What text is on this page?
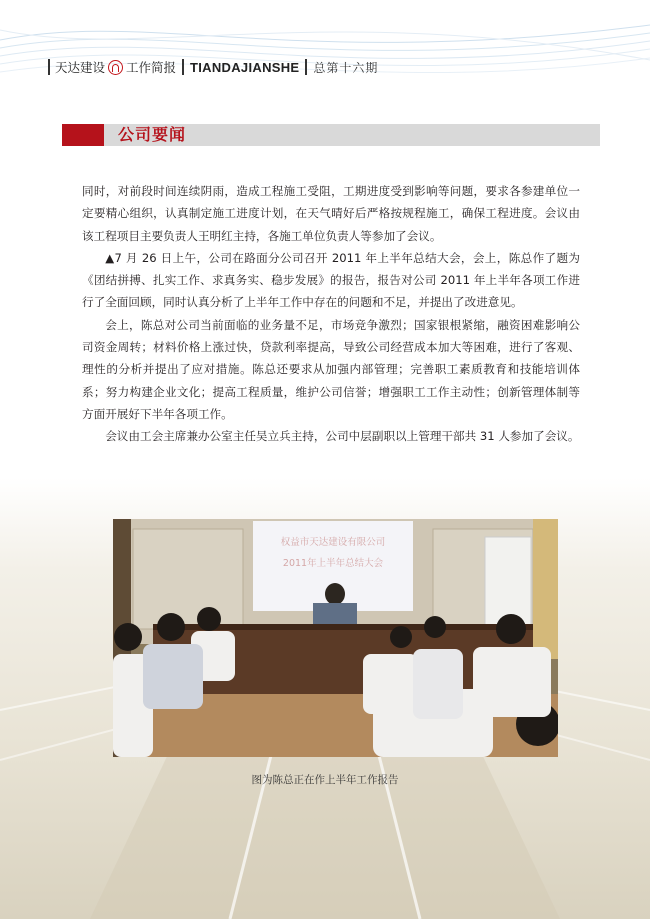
天达建设 工作简报 TIANDAJIANSHE 总第十六期
公司要闻

同时，对前段时间连续阴雨，造成工程施工受阻，工期进度受到影响等问题，要求各参建单位一定要精心组织，认真制定施工进度计划，在天气晴好后严格按规程施工，确保工程进度。会议由该工程项目主要负责人王明红主持，各施工单位负责人等参加了会议。

▲7 月 26 日上午，公司在路面分公司召开 2011 年上半年总结大会，会上，陈总作了题为《团结拼搏、扎实工作、求真务实、稳步发展》的报告，报告对公司 2011 年上半年各项工作进行了全面回顾，同时认真分析了上半年工作中存在的问题和不足，并提出了改进意见。

会上，陈总对公司当前面临的业务量不足，市场竞争激烈；国家银根紧缩，融资困难影响公司资金周转；材料价格上涨过快，贷款利率提高，导致公司经营成本加大等困难，进行了客观、理性的分析并提出了应对措施。陈总还要求从加强内部管理；完善职工素质教育和技能培训体系；努力构建企业文化；提高工程质量，维护公司信誉；增强职工工作主动性；创新管理体制等方面开展好下半年各项工作。

会议由工会主席兼办公室主任吴立兵主持，公司中层副职以上管理干部共 31 人参加了会议。

权益市天达建设有限公司
2011年上半年总结大会
图为陈总正在作上半年工作报告
